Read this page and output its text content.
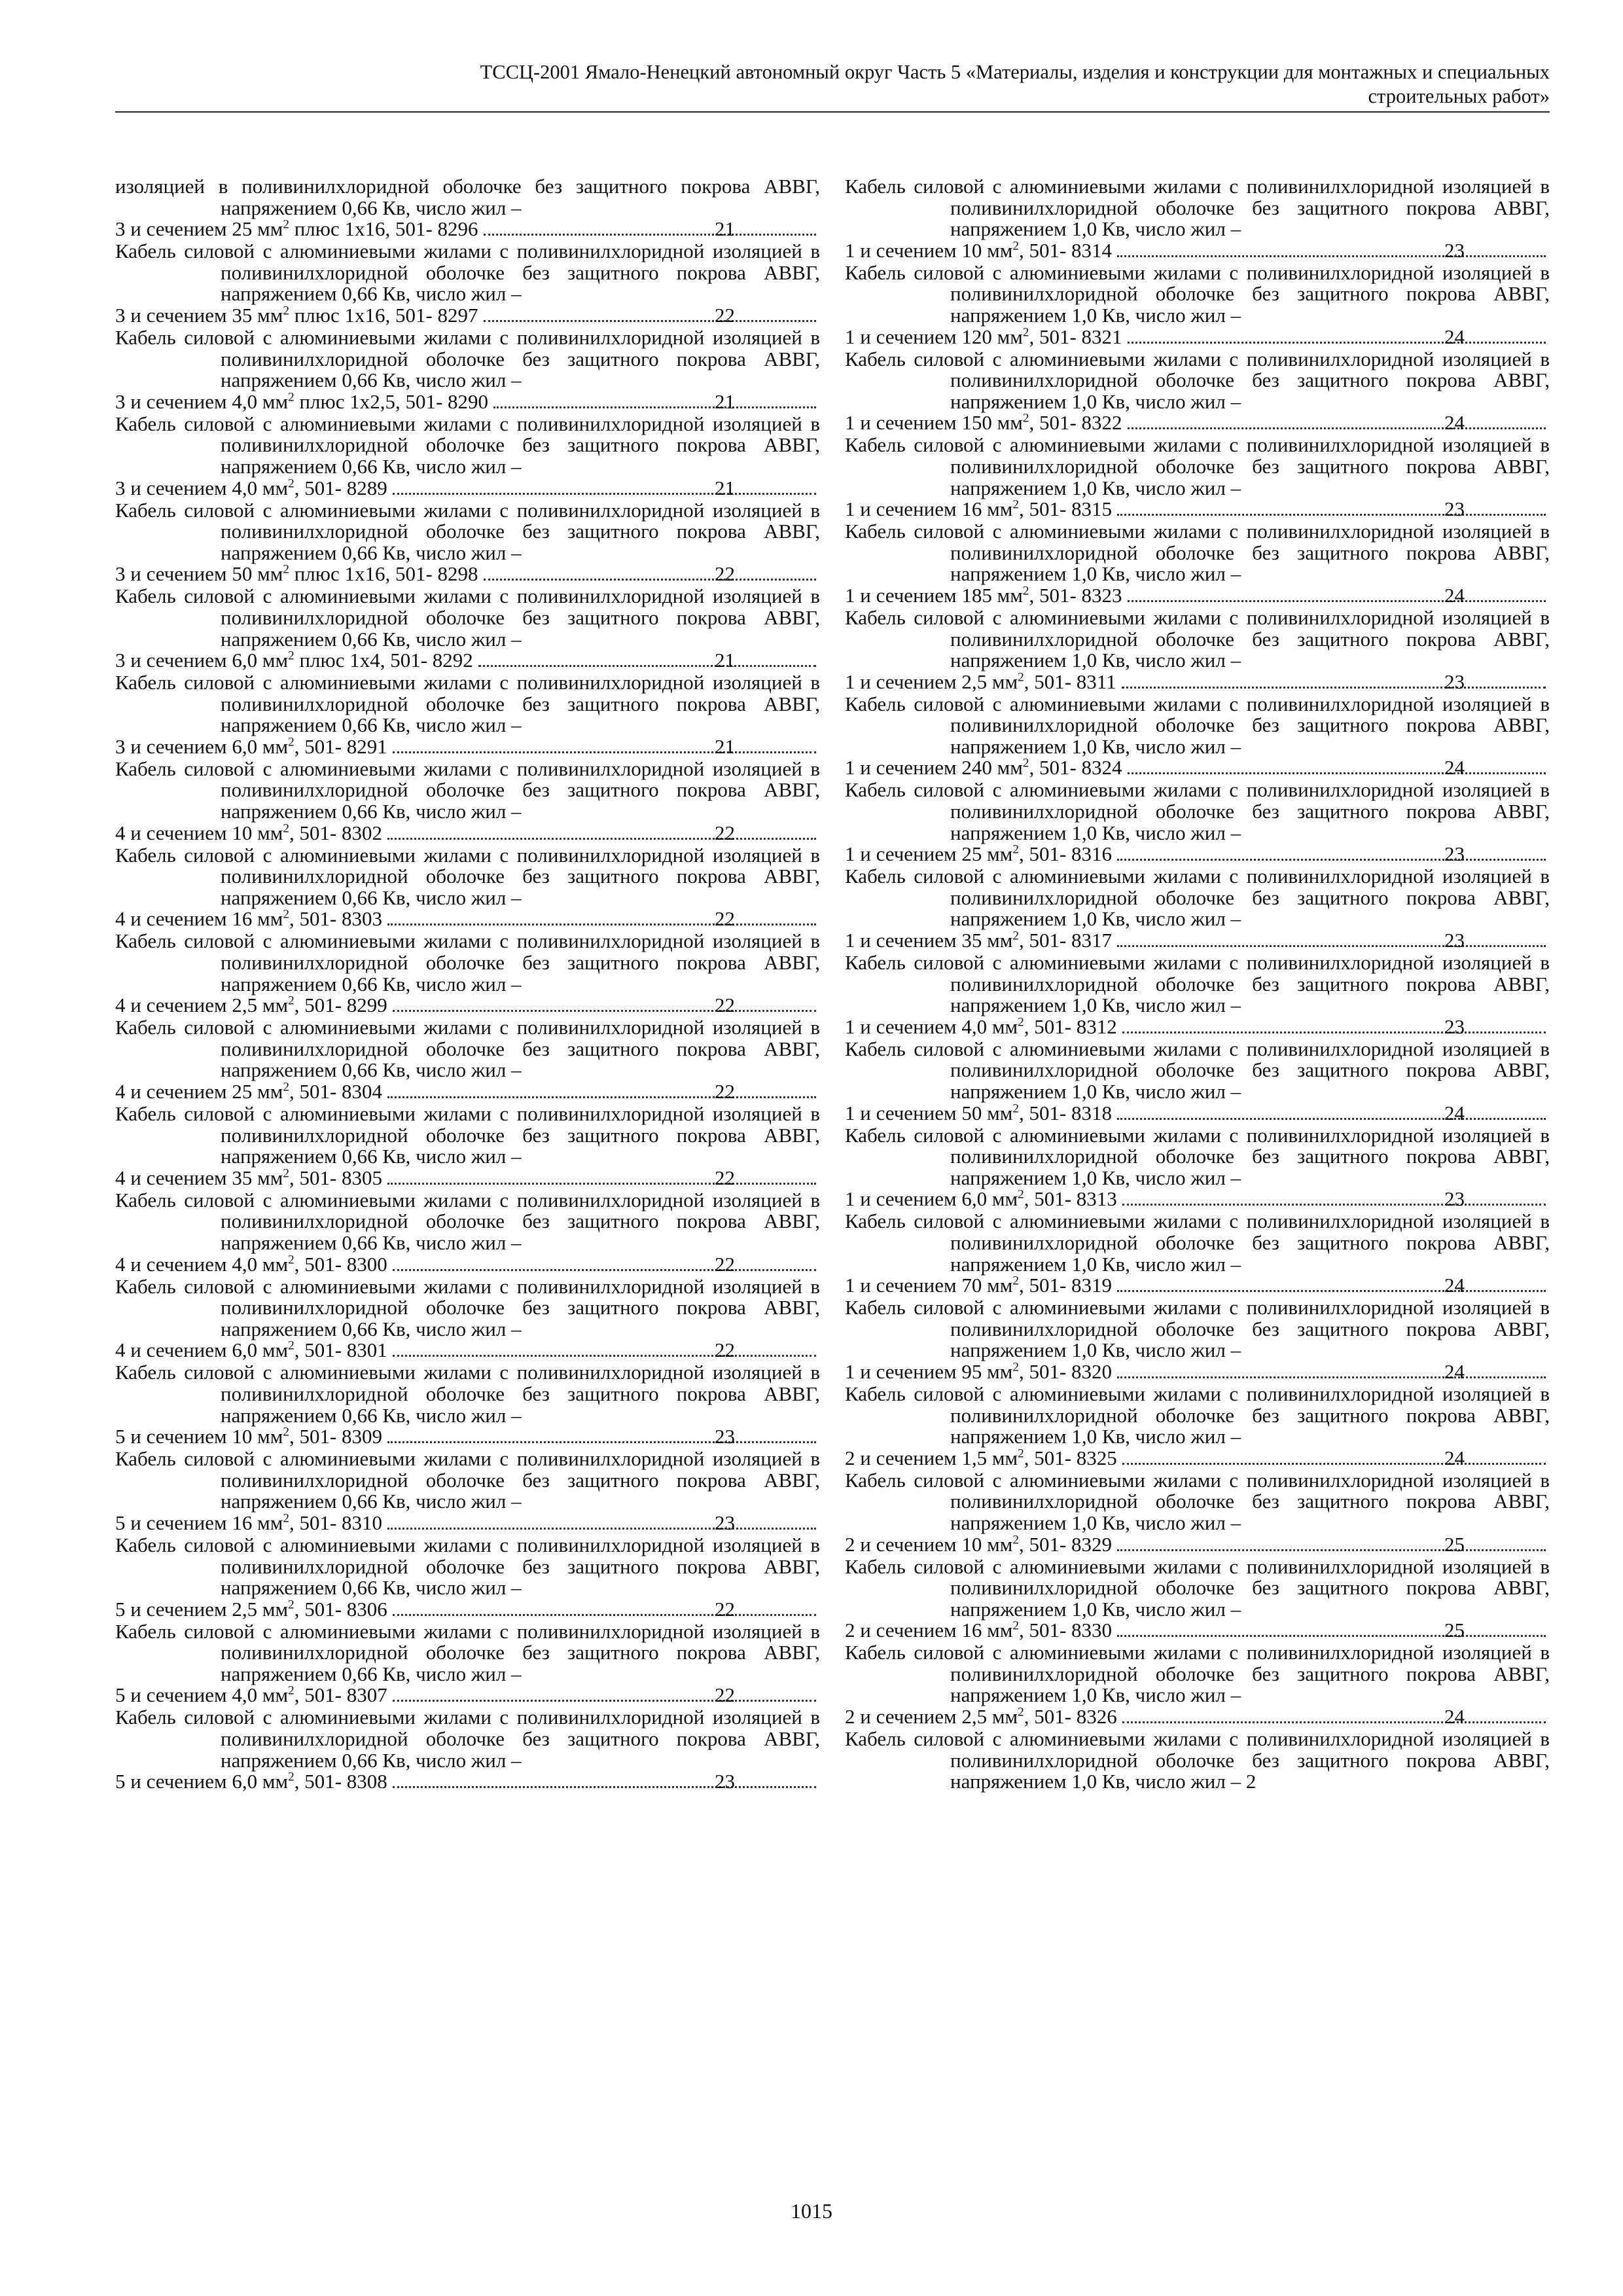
ТССЦ-2001 Ямало-Ненецкий автономный округ Часть 5 «Материалы, изделия и конструкции для монтажных и специальных
строительных работ»
изоляцией в поливинилхлоридной оболочке без защитного покрова АВВГ, напряжением 0,66 Кв, число жил –
3 и сечением 25 $мм^2$ плюс 1х16, 501- 8296	21
Кабель силовой с алюминиевыми жилами с поливинилхлоридной изоляцией в поливинилхлоридной оболочке без защитного покрова АВВГ, напряжением 0,66 Кв, число жил –
3 и сечением 35 $мм^2$ плюс 1х16, 501- 8297	22
Кабель силовой с алюминиевыми жилами с поливинилхлоридной изоляцией в поливинилхлоридной оболочке без защитного покрова АВВГ, напряжением 0,66 Кв, число жил –
3 и сечением 4,0 $мм^2$ плюс 1х2,5, 501- 8290	21
Кабель силовой с алюминиевыми жилами с поливинилхлоридной изоляцией в поливинилхлоридной оболочке без защитного покрова АВВГ, напряжением 0,66 Кв, число жил –
3 и сечением 4,0 $мм^2$, 501- 8289	21
Кабель силовой с алюминиевыми жилами с поливинилхлоридной изоляцией в поливинилхлоридной оболочке без защитного покрова АВВГ, напряжением 0,66 Кв, число жил –
3 и сечением 50 $мм^2$ плюс 1х16, 501- 8298	22
Кабель силовой с алюминиевыми жилами с поливинилхлоридной изоляцией в поливинилхлоридной оболочке без защитного покрова АВВГ, напряжением 0,66 Кв, число жил –
3 и сечением 6,0 $мм^2$ плюс 1х4, 501- 8292	21
Кабель силовой с алюминиевыми жилами с поливинилхлоридной изоляцией в поливинилхлоридной оболочке без защитного покрова АВВГ, напряжением 0,66 Кв, число жил –
3 и сечением 6,0 $мм^2$, 501- 8291	21
Кабель силовой с алюминиевыми жилами с поливинилхлоридной изоляцией в поливинилхлоридной оболочке без защитного покрова АВВГ, напряжением 0,66 Кв, число жил –
4 и сечением 10 $мм^2$, 501- 8302	22
Кабель силовой с алюминиевыми жилами с поливинилхлоридной изоляцией в поливинилхлоридной оболочке без защитного покрова АВВГ, напряжением 0,66 Кв, число жил –
4 и сечением 16 $мм^2$, 501- 8303	22
Кабель силовой с алюминиевыми жилами с поливинилхлоридной изоляцией в поливинилхлоридной оболочке без защитного покрова АВВГ, напряжением 0,66 Кв, число жил –
4 и сечением 2,5 $мм^2$, 501- 8299	22
Кабель силовой с алюминиевыми жилами с поливинилхлоридной изоляцией в поливинилхлоридной оболочке без защитного покрова АВВГ, напряжением 0,66 Кв, число жил –
4 и сечением 25 $мм^2$, 501- 8304	22
Кабель силовой с алюминиевыми жилами с поливинилхлоридной изоляцией в поливинилхлоридной оболочке без защитного покрова АВВГ, напряжением 0,66 Кв, число жил –
4 и сечением 35 $мм^2$, 501- 8305	22
Кабель силовой с алюминиевыми жилами с поливинилхлоридной изоляцией в поливинилхлоридной оболочке без защитного покрова АВВГ, напряжением 0,66 Кв, число жил –
4 и сечением 4,0 $мм^2$, 501- 8300	22
Кабель силовой с алюминиевыми жилами с поливинилхлоридной изоляцией в поливинилхлоридной оболочке без защитного покрова АВВГ, напряжением 0,66 Кв, число жил –
4 и сечением 6,0 $мм^2$, 501- 8301	22
Кабель силовой с алюминиевыми жилами с поливинилхлоридной изоляцией в поливинилхлоридной оболочке без защитного покрова АВВГ, напряжением 0,66 Кв, число жил –
5 и сечением 10 $мм^2$, 501- 8309	23
Кабель силовой с алюминиевыми жилами с поливинилхлоридной изоляцией в поливинилхлоридной оболочке без защитного покрова АВВГ, напряжением 0,66 Кв, число жил –
5 и сечением 16 $мм^2$, 501- 8310	23
Кабель силовой с алюминиевыми жилами с поливинилхлоридной изоляцией в поливинилхлоридной оболочке без защитного покрова АВВГ, напряжением 0,66 Кв, число жил –
5 и сечением 2,5 $мм^2$, 501- 8306	22
Кабель силовой с алюминиевыми жилами с поливинилхлоридной изоляцией в поливинилхлоридной оболочке без защитного покрова АВВГ, напряжением 0,66 Кв, число жил –
5 и сечением 4,0 $мм^2$, 501- 8307	22
Кабель силовой с алюминиевыми жилами с поливинилхлоридной изоляцией в поливинилхлоридной оболочке без защитного покрова АВВГ, напряжением 0,66 Кв, число жил –
5 и сечением 6,0 $мм^2$, 501- 8308	23
Кабель силовой с алюминиевыми жилами с поливинилхлоридной изоляцией в поливинилхлоридной оболочке без защитного покрова АВВГ, напряжением 1,0 Кв, число жил –
1 и сечением 10 $мм^2$, 501- 8314	23
Кабель силовой с алюминиевыми жилами с поливинилхлоридной изоляцией в поливинилхлоридной оболочке без защитного покрова АВВГ, напряжением 1,0 Кв, число жил –
1 и сечением 120 $мм^2$, 501- 8321	24
Кабель силовой с алюминиевыми жилами с поливинилхлоридной изоляцией в поливинилхлоридной оболочке без защитного покрова АВВГ, напряжением 1,0 Кв, число жил –
1 и сечением 150 $мм^2$, 501- 8322	24
Кабель силовой с алюминиевыми жилами с поливинилхлоридной изоляцией в поливинилхлоридной оболочке без защитного покрова АВВГ, напряжением 1,0 Кв, число жил –
1 и сечением 16 $мм^2$, 501- 8315	23
Кабель силовой с алюминиевыми жилами с поливинилхлоридной изоляцией в поливинилхлоридной оболочке без защитного покрова АВВГ, напряжением 1,0 Кв, число жил –
1 и сечением 185 $мм^2$, 501- 8323	24
Кабель силовой с алюминиевыми жилами с поливинилхлоридной изоляцией в поливинилхлоридной оболочке без защитного покрова АВВГ, напряжением 1,0 Кв, число жил –
1 и сечением 2,5 $мм^2$, 501- 8311	23
Кабель силовой с алюминиевыми жилами с поливинилхлоридной изоляцией в поливинилхлоридной оболочке без защитного покрова АВВГ, напряжением 1,0 Кв, число жил –
1 и сечением 240 $мм^2$, 501- 8324	24
Кабель силовой с алюминиевыми жилами с поливинилхлоридной изоляцией в поливинилхлоридной оболочке без защитного покрова АВВГ, напряжением 1,0 Кв, число жил –
1 и сечением 25 $мм^2$, 501- 8316	23
Кабель силовой с алюминиевыми жилами с поливинилхлоридной изоляцией в поливинилхлоридной оболочке без защитного покрова АВВГ, напряжением 1,0 Кв, число жил –
1 и сечением 35 $мм^2$, 501- 8317	23
Кабель силовой с алюминиевыми жилами с поливинилхлоридной изоляцией в поливинилхлоридной оболочке без защитного покрова АВВГ, напряжением 1,0 Кв, число жил –
1 и сечением 4,0 $мм^2$, 501- 8312	23
Кабель силовой с алюминиевыми жилами с поливинилхлоридной изоляцией в поливинилхлоридной оболочке без защитного покрова АВВГ, напряжением 1,0 Кв, число жил –
1 и сечением 50 $мм^2$, 501- 8318	24
Кабель силовой с алюминиевыми жилами с поливинилхлоридной изоляцией в поливинилхлоридной оболочке без защитного покрова АВВГ, напряжением 1,0 Кв, число жил –
1 и сечением 6,0 $мм^2$, 501- 8313	23
Кабель силовой с алюминиевыми жилами с поливинилхлоридной изоляцией в поливинилхлоридной оболочке без защитного покрова АВВГ, напряжением 1,0 Кв, число жил –
1 и сечением 70 $мм^2$, 501- 8319	24
Кабель силовой с алюминиевыми жилами с поливинилхлоридной изоляцией в поливинилхлоридной оболочке без защитного покрова АВВГ, напряжением 1,0 Кв, число жил –
1 и сечением 95 $мм^2$, 501- 8320	24
Кабель силовой с алюминиевыми жилами с поливинилхлоридной изоляцией в поливинилхлоридной оболочке без защитного покрова АВВГ, напряжением 1,0 Кв, число жил –
2 и сечением 1,5 $мм^2$, 501- 8325	24
Кабель силовой с алюминиевыми жилами с поливинилхлоридной изоляцией в поливинилхлоридной оболочке без защитного покрова АВВГ, напряжением 1,0 Кв, число жил –
2 и сечением 10 $мм^2$, 501- 8329	25
Кабель силовой с алюминиевыми жилами с поливинилхлоридной изоляцией в поливинилхлоридной оболочке без защитного покрова АВВГ, напряжением 1,0 Кв, число жил –
2 и сечением 16 $мм^2$, 501- 8330	25
Кабель силовой с алюминиевыми жилами с поливинилхлоридной изоляцией в поливинилхлоридной оболочке без защитного покрова АВВГ, напряжением 1,0 Кв, число жил –
2 и сечением 2,5 $мм^2$, 501- 8326	24
Кабель силовой с алюминиевыми жилами с поливинилхлоридной изоляцией в поливинилхлоридной оболочке без защитного покрова АВВГ, напряжением 1,0 Кв, число жил – 2
1015
